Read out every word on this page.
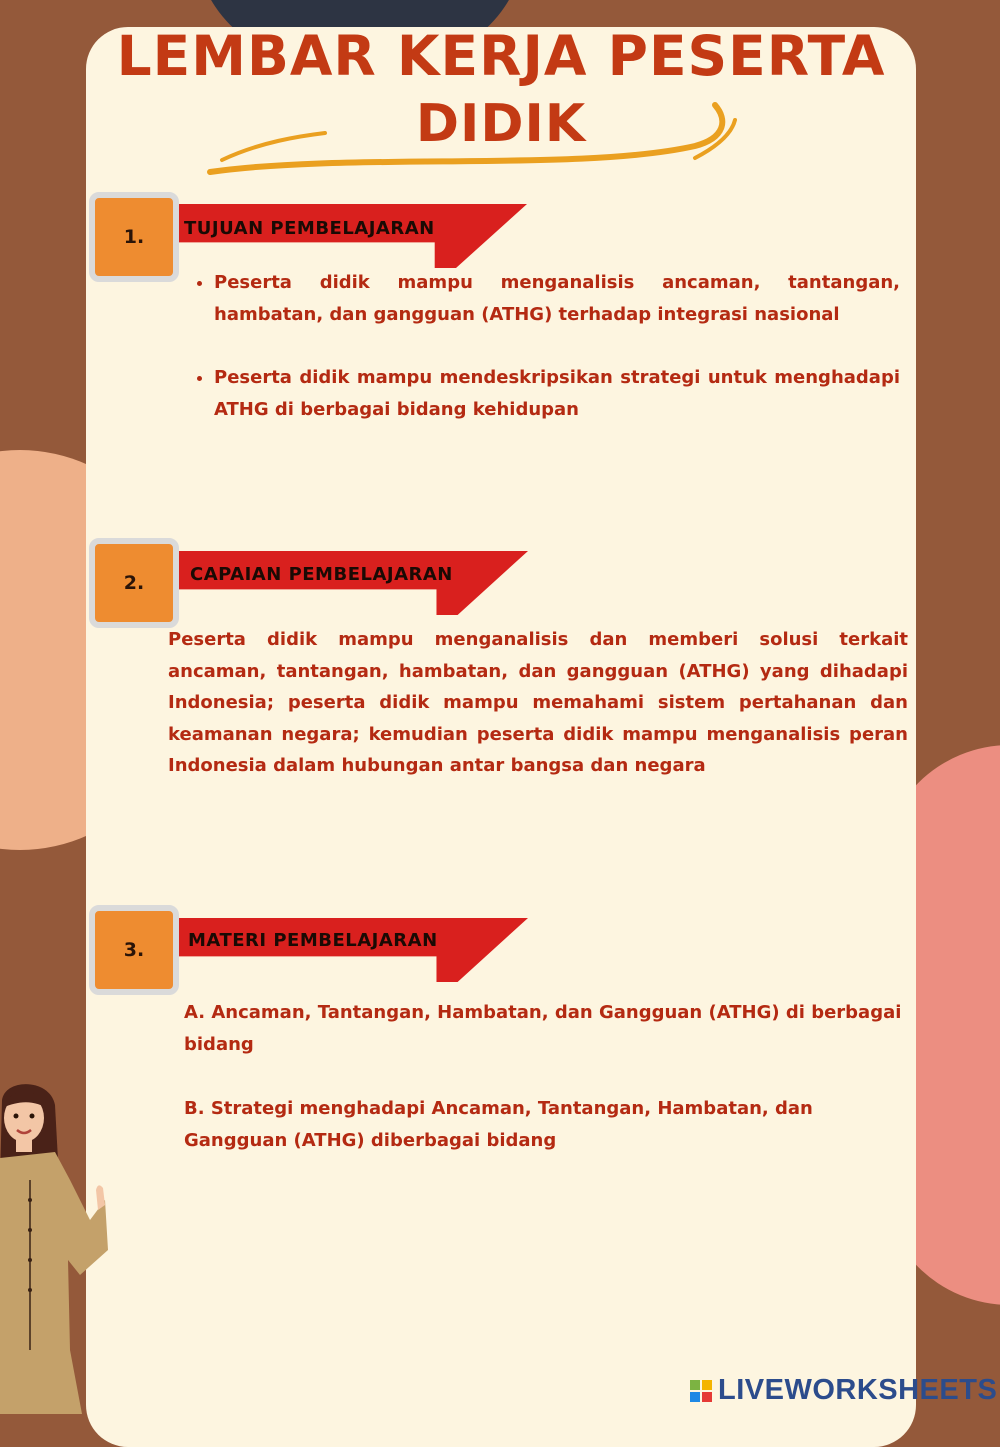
LEMBAR KERJA PESERTA
DIDIK
1.	TUJUAN PEMBELAJARAN
• Peserta didik mampu menganalisis ancaman, tantangan, hambatan, dan gangguan (ATHG) terhadap integrasi nasional
• Peserta didik mampu mendeskripsikan strategi untuk menghadapi ATHG di berbagai bidang kehidupan
2.	CAPAIAN PEMBELAJARAN
Peserta didik mampu menganalisis dan memberi solusi terkait ancaman, tantangan, hambatan, dan gangguan (ATHG) yang dihadapi Indonesia; peserta didik mampu memahami sistem pertahanan dan keamanan negara; kemudian peserta didik mampu menganalisis peran Indonesia dalam hubungan antar bangsa dan negara
3.	MATERI PEMBELAJARAN
A. Ancaman, Tantangan, Hambatan, dan Gangguan (ATHG) di berbagai bidang
B. Strategi menghadapi Ancaman, Tantangan, Hambatan, dan Gangguan (ATHG) diberbagai bidang
LIVEWORKSHEETS
